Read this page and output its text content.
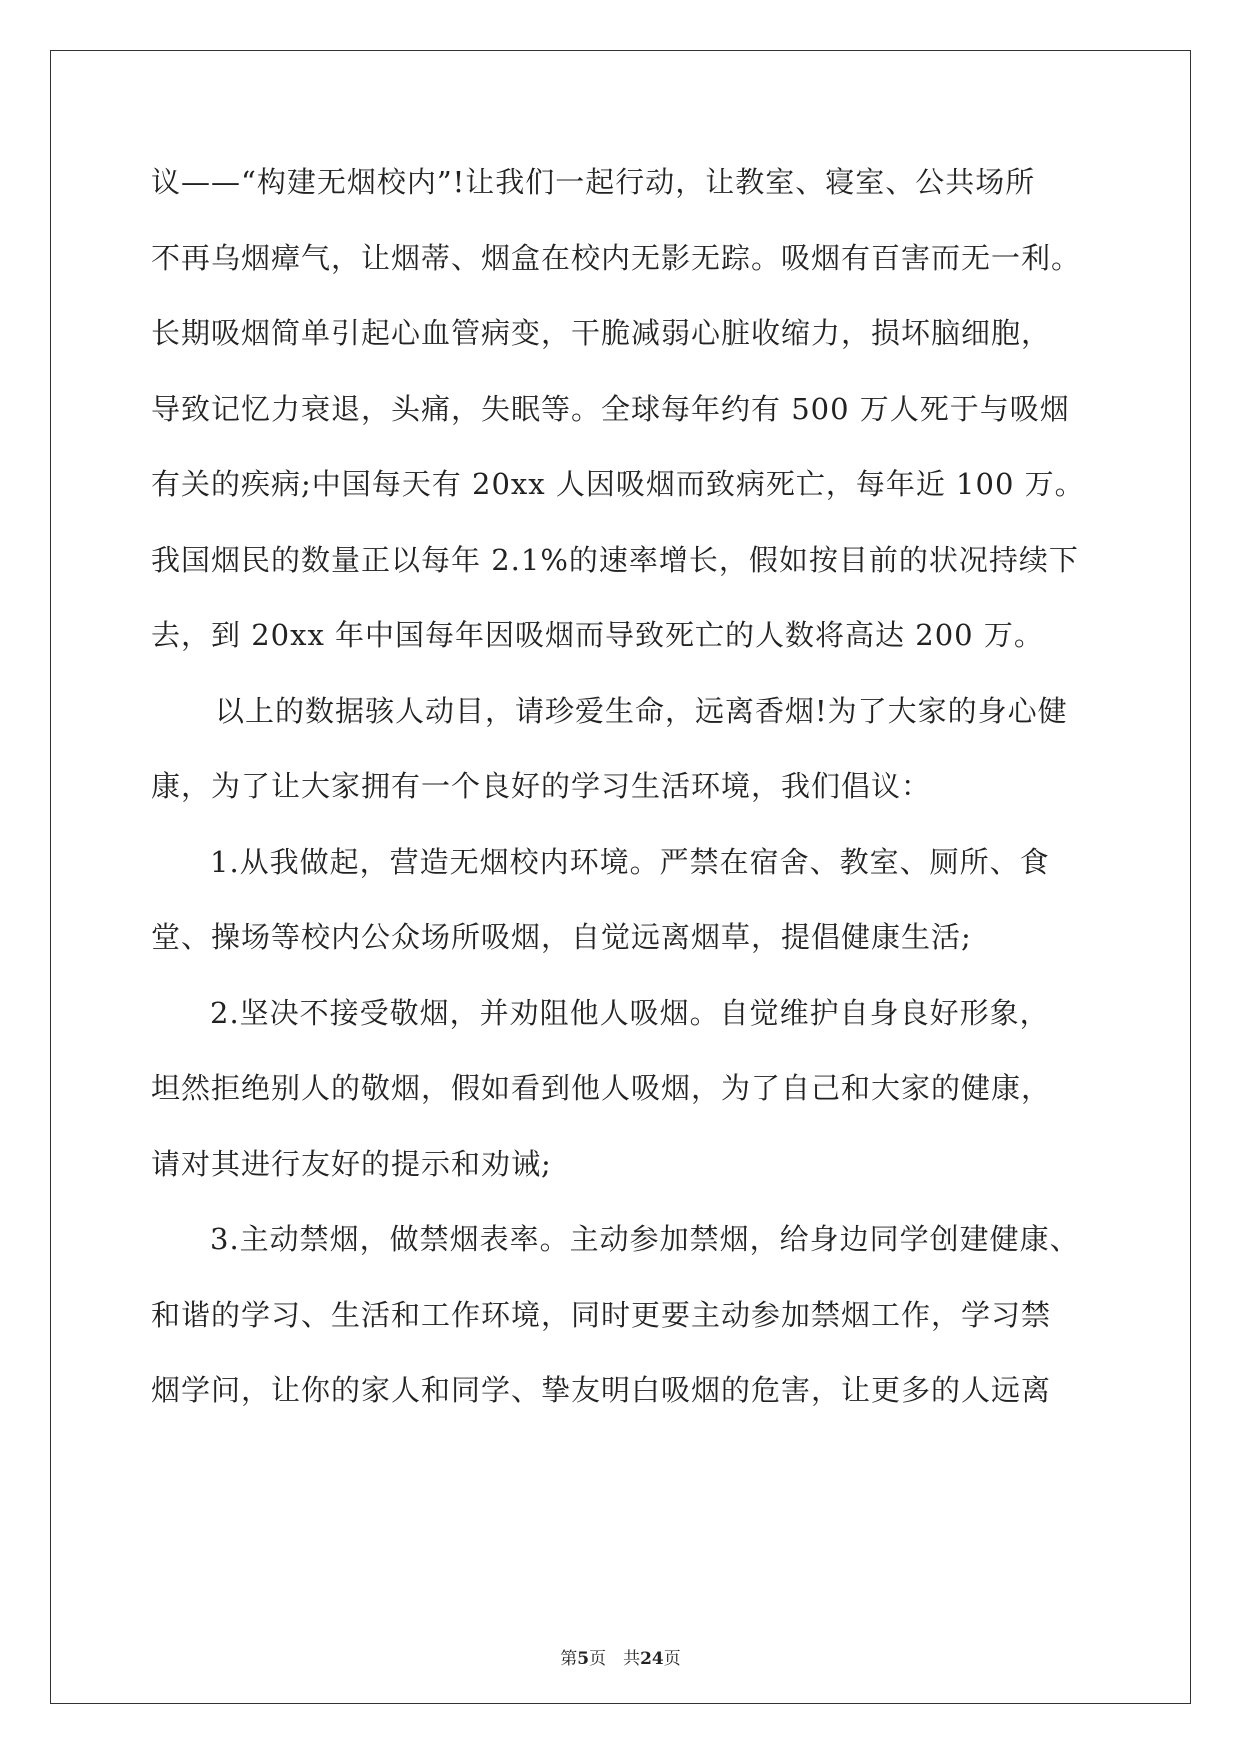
议——“构建无烟校内”!让我们一起行动，让教室、寝室、公共场所
不再乌烟瘴气，让烟蒂、烟盒在校内无影无踪。吸烟有百害而无一利。
长期吸烟简单引起心血管病变，干脆减弱心脏收缩力，损坏脑细胞，
导致记忆力衰退，头痛，失眠等。全球每年约有 500 万人死于与吸烟
有关的疾病;中国每天有 20xx 人因吸烟而致病死亡，每年近 100 万。
我国烟民的数量正以每年 2.1%的速率增长，假如按目前的状况持续下
去，到 20xx 年中国每年因吸烟而导致死亡的人数将高达 200 万。
以上的数据骇人动目，请珍爱生命，远离香烟!为了大家的身心健
康，为了让大家拥有一个良好的学习生活环境，我们倡议：
1.从我做起，营造无烟校内环境。严禁在宿舍、教室、厕所、食
堂、操场等校内公众场所吸烟，自觉远离烟草，提倡健康生活;
2.坚决不接受敬烟，并劝阻他人吸烟。自觉维护自身良好形象，
坦然拒绝别人的敬烟，假如看到他人吸烟，为了自己和大家的健康，
请对其进行友好的提示和劝诫;
3.主动禁烟，做禁烟表率。主动参加禁烟，给身边同学创建健康、
和谐的学习、生活和工作环境，同时更要主动参加禁烟工作，学习禁
烟学问，让你的家人和同学、挚友明白吸烟的危害，让更多的人远离
第5页　共24页
